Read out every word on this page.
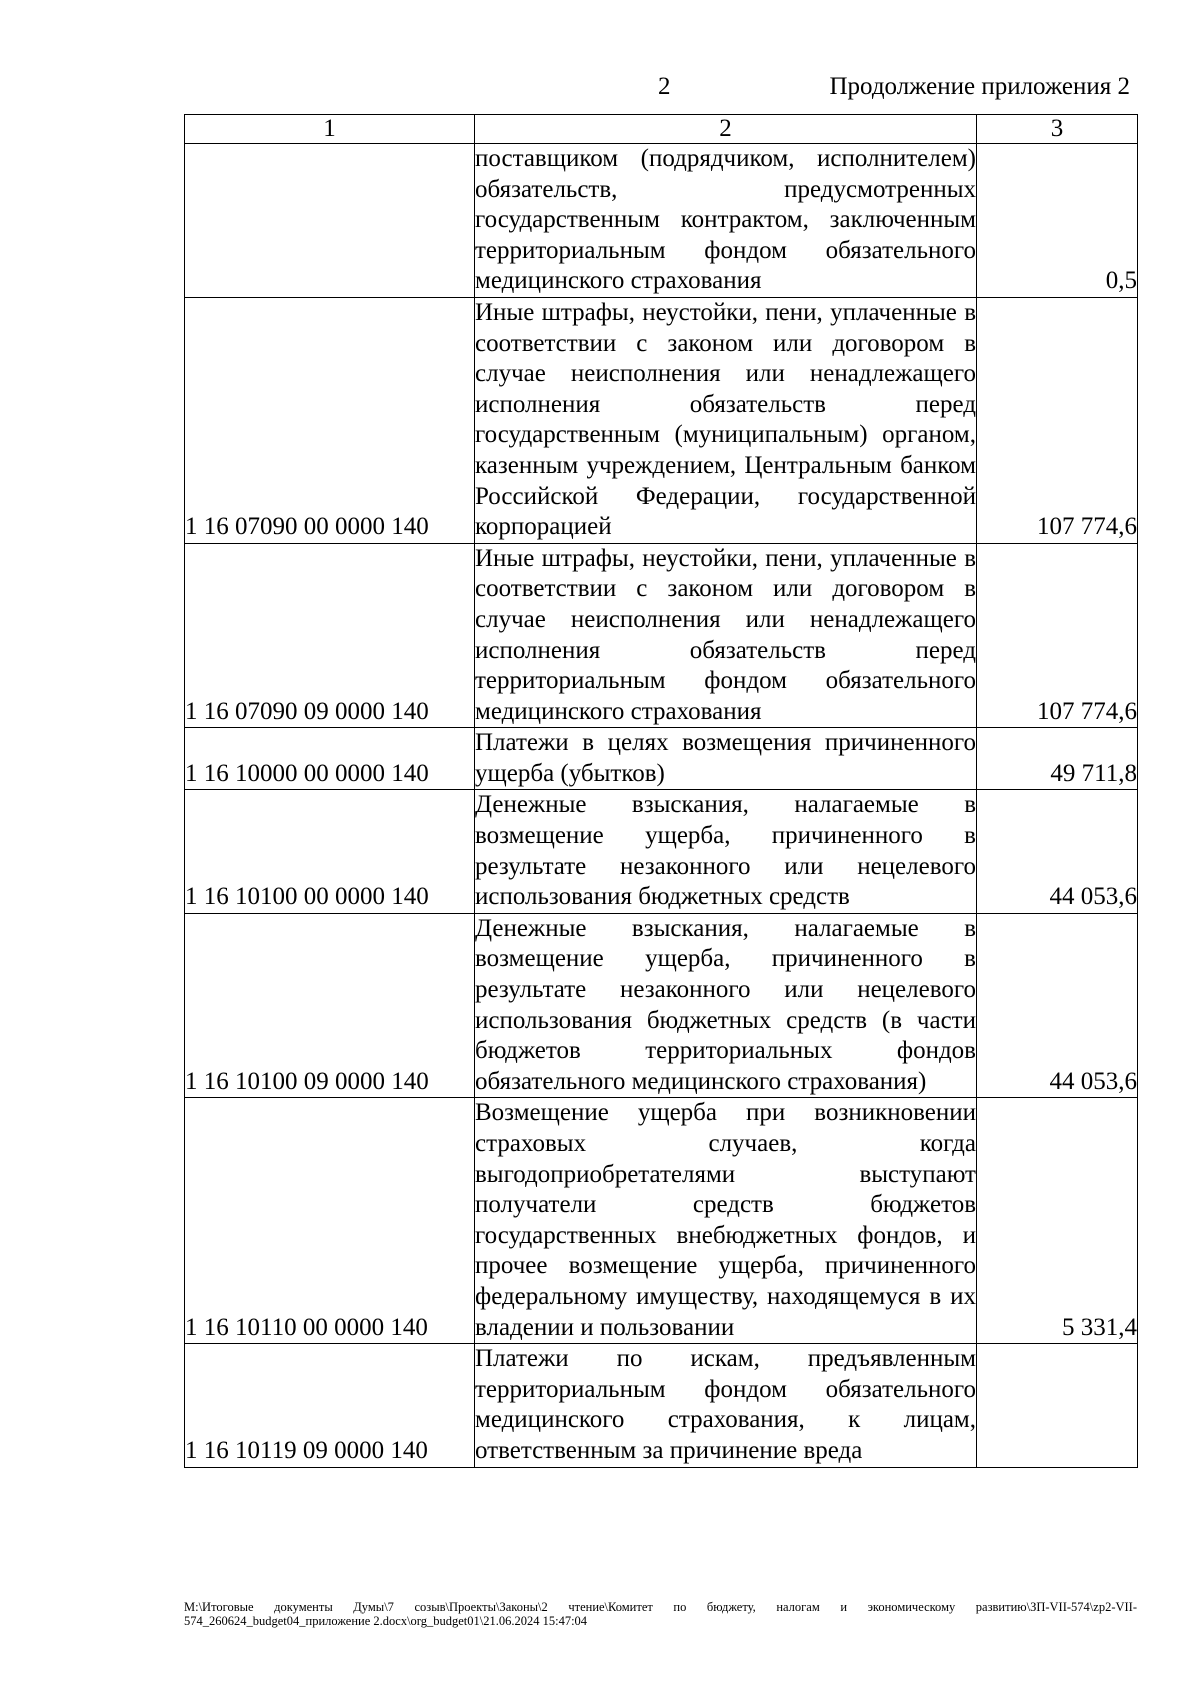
2	Продолжение приложения 2
1	2	3
	поставщиком (подрядчиком, исполнителем) обязательств, предусмотренных государственным контрактом, заключенным территориальным фондом обязательного медицинского страхования	0,5
1 16 07090 00 0000 140	Иные штрафы, неустойки, пени, уплаченные в соответствии с законом или договором в случае неисполнения или ненадлежащего исполнения обязательств перед государственным (муниципальным) органом, казенным учреждением, Центральным банком Российской Федерации, государственной корпорацией	107 774,6
1 16 07090 09 0000 140	Иные штрафы, неустойки, пени, уплаченные в соответствии с законом или договором в случае неисполнения или ненадлежащего исполнения обязательств перед территориальным фондом обязательного медицинского страхования	107 774,6
1 16 10000 00 0000 140	Платежи в целях возмещения причиненного ущерба (убытков)	49 711,8
1 16 10100 00 0000 140	Денежные взыскания, налагаемые в возмещение ущерба, причиненного в результате незаконного или нецелевого использования бюджетных средств	44 053,6
1 16 10100 09 0000 140	Денежные взыскания, налагаемые в возмещение ущерба, причиненного в результате незаконного или нецелевого использования бюджетных средств (в части бюджетов территориальных фондов обязательного медицинского страхования)	44 053,6
1 16 10110 00 0000 140	Возмещение ущерба при возникновении страховых случаев, когда выгодоприобретателями выступают получатели средств бюджетов государственных внебюджетных фондов, и прочее возмещение ущерба, причиненного федеральному имуществу, находящемуся в их владении и пользовании	5 331,4
1 16 10119 09 0000 140	Платежи по искам, предъявленным территориальным фондом обязательного медицинского страхования, к лицам, ответственным за причинение вреда	
M:\Итоговые документы Думы\7 созыв\Проекты\Законы\2 чтение\Комитет по бюджету, налогам и экономическому развитию\ЗП-VII-574\zp2-VII-574_260624_budget04_приложение 2.docx\org_budget01\21.06.2024 15:47:04
